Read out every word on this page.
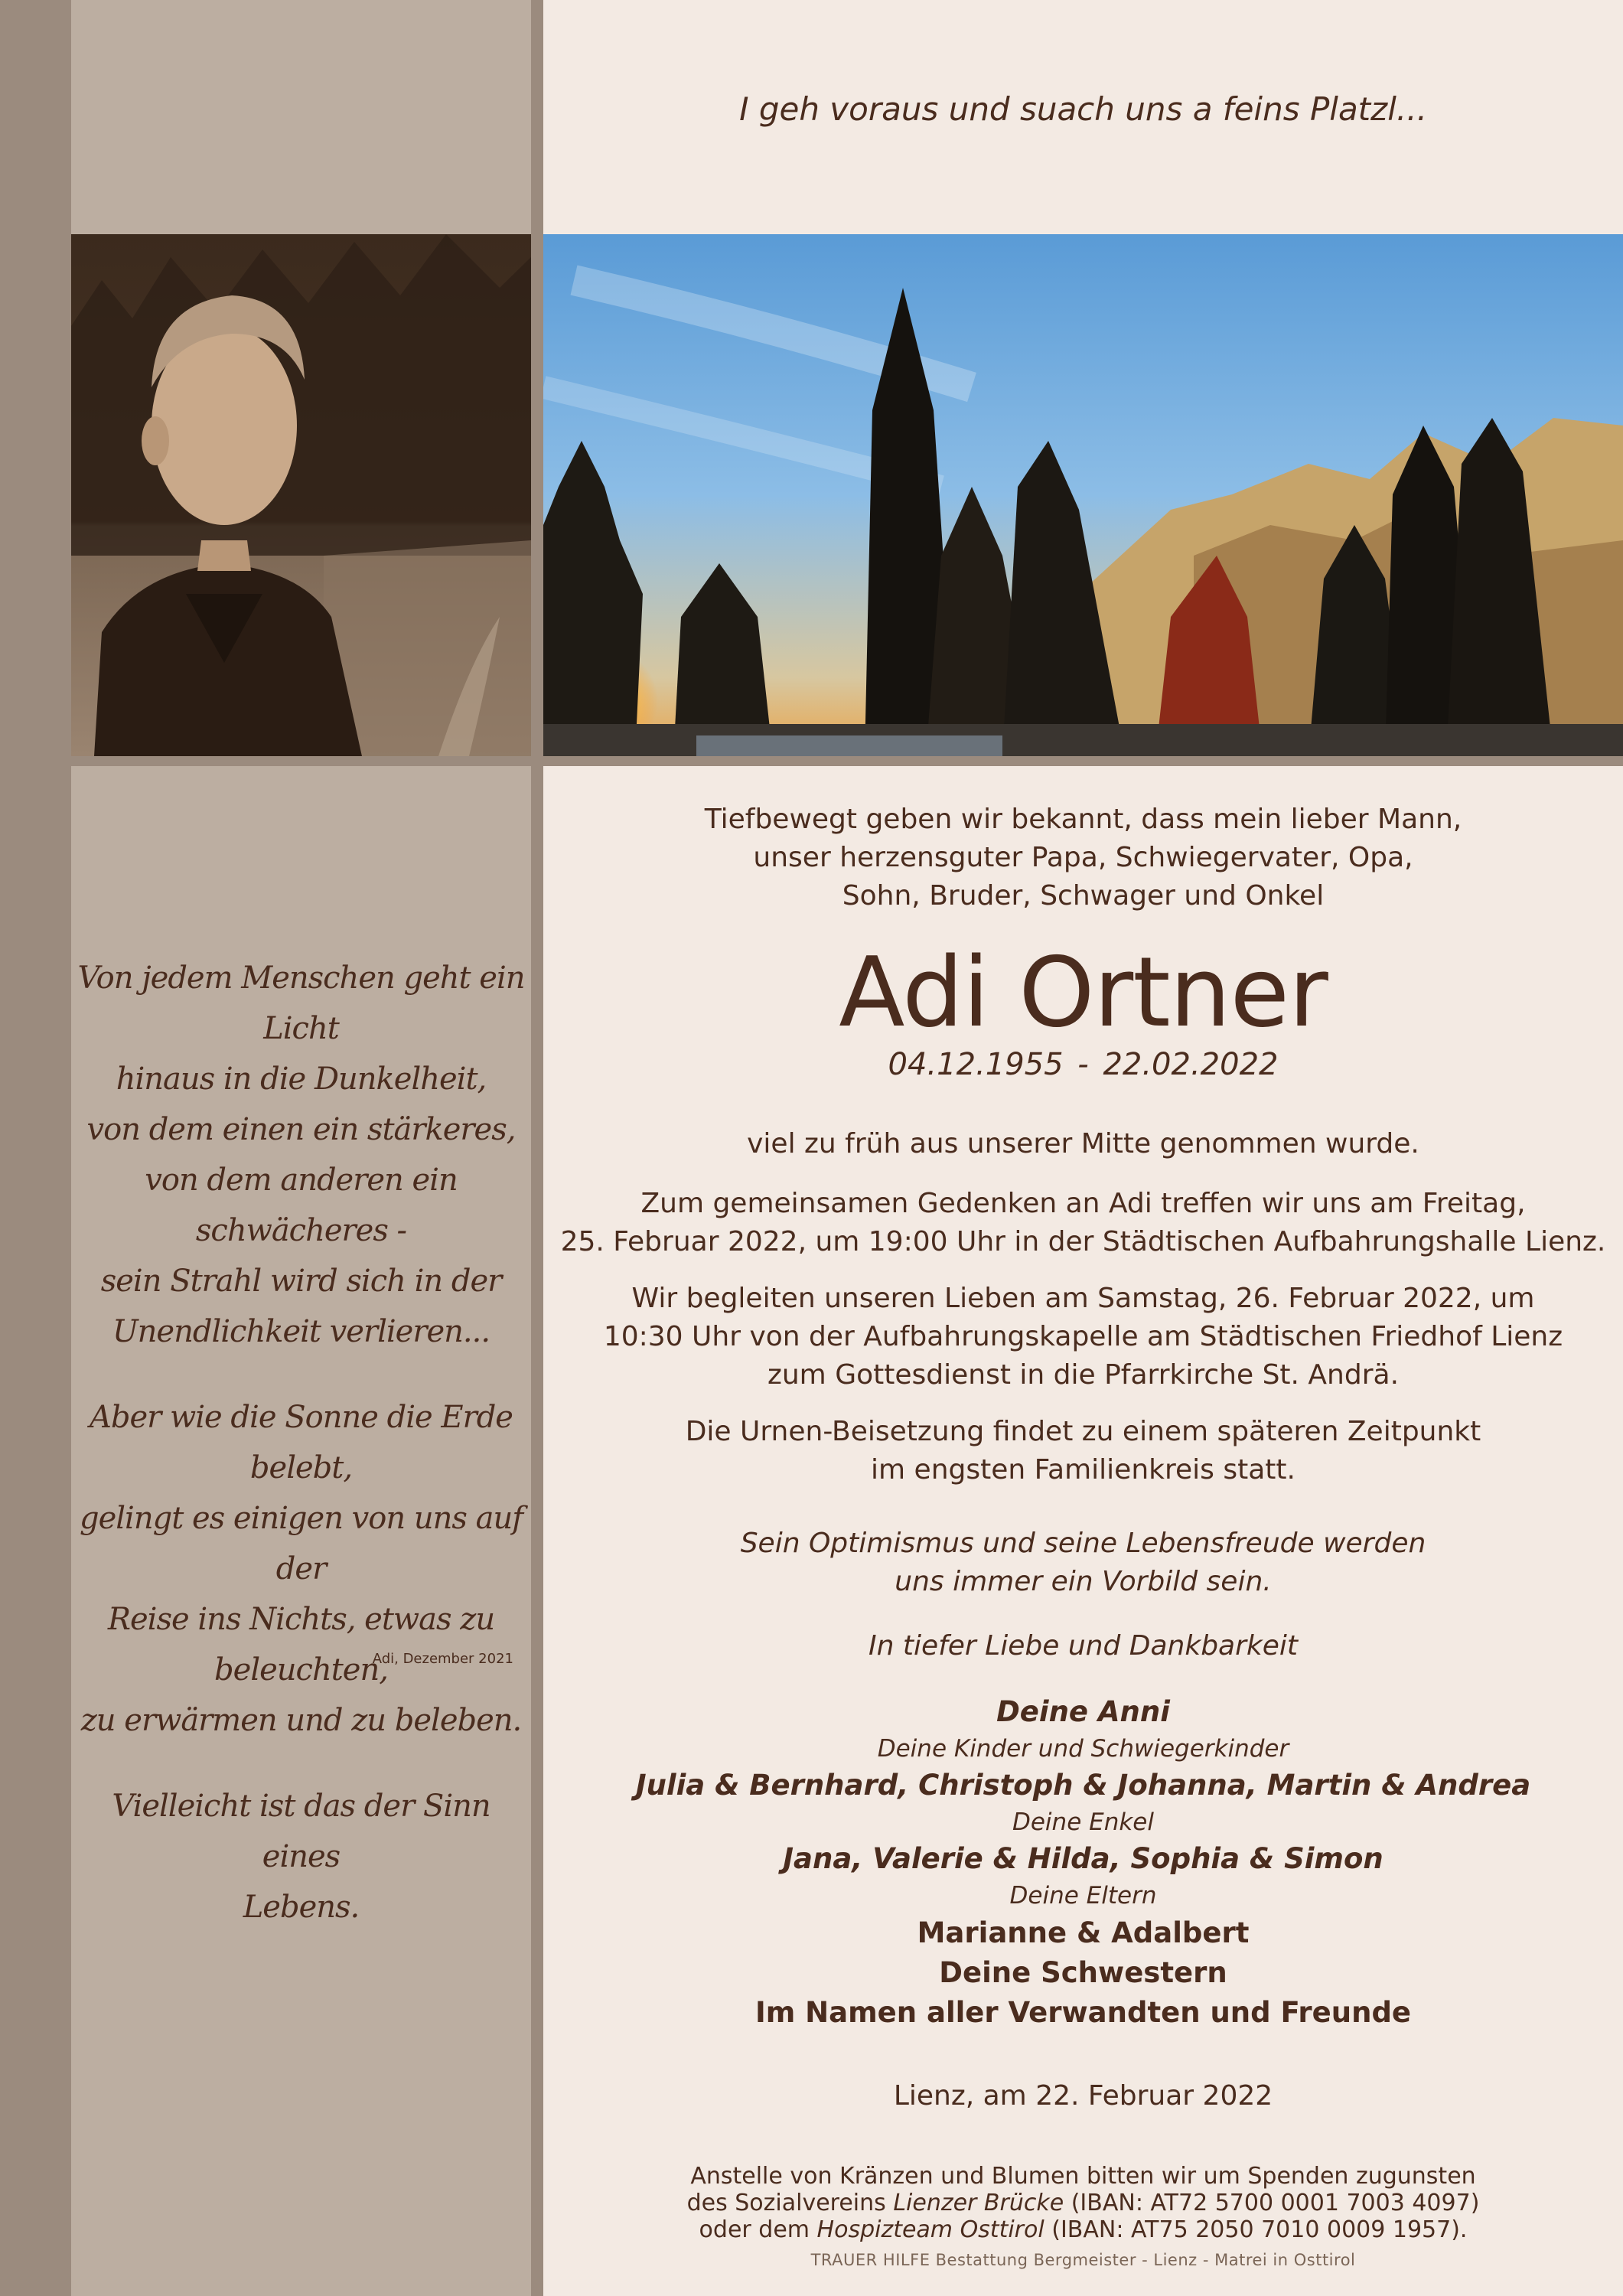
I geh voraus und suach uns a feins Platzl...

Von jedem Menschen geht ein Licht

hinaus in die Dunkelheit,

von dem einen ein stärkeres,

von dem anderen ein schwächeres -

sein Strahl wird sich in der

Unendlichkeit verlieren...

Aber wie die Sonne die Erde belebt,

gelingt es einigen von uns auf der

Reise ins Nichts, etwas zu beleuchten,

zu erwärmen und zu beleben.

Vielleicht ist das der Sinn eines

Lebens.

Adi, Dezember 2021

Tiefbewegt geben wir bekannt, dass mein lieber Mann,

unser herzensguter Papa, Schwiegervater, Opa,

Sohn, Bruder, Schwager und Onkel

Adi Ortner
04.12.1955 - 22.02.2022
viel zu früh aus unserer Mitte genommen wurde.

Zum gemeinsamen Gedenken an Adi treffen wir uns am Freitag,

25. Februar 2022, um 19:00 Uhr in der Städtischen Aufbahrungshalle Lienz.

Wir begleiten unseren Lieben am Samstag, 26. Februar 2022, um

10:30 Uhr von der Aufbahrungskapelle am Städtischen Friedhof Lienz

zum Gottesdienst in die Pfarrkirche St. Andrä.

Die Urnen-Beisetzung findet zu einem späteren Zeitpunkt

im engsten Familienkreis statt.

Sein Optimismus und seine Lebensfreude werden

uns immer ein Vorbild sein.

In tiefer Liebe und Dankbarkeit

Deine Anni

Deine Kinder und Schwiegerkinder

Julia & Bernhard, Christoph & Johanna, Martin & Andrea

Deine Enkel

Jana, Valerie & Hilda, Sophia & Simon

Deine Eltern

Marianne & Adalbert

Deine Schwestern

Im Namen aller Verwandten und Freunde

Lienz, am 22. Februar 2022
Anstelle von Kränzen und Blumen bitten wir um Spenden zugunsten
des Sozialvereins Lienzer Brücke (IBAN: AT72 5700 0001 7003 4097)
oder dem Hospizteam Osttirol (IBAN: AT75 2050 7010 0009 1957).
TRAUER HILFE Bestattung Bergmeister - Lienz - Matrei in Osttirol
